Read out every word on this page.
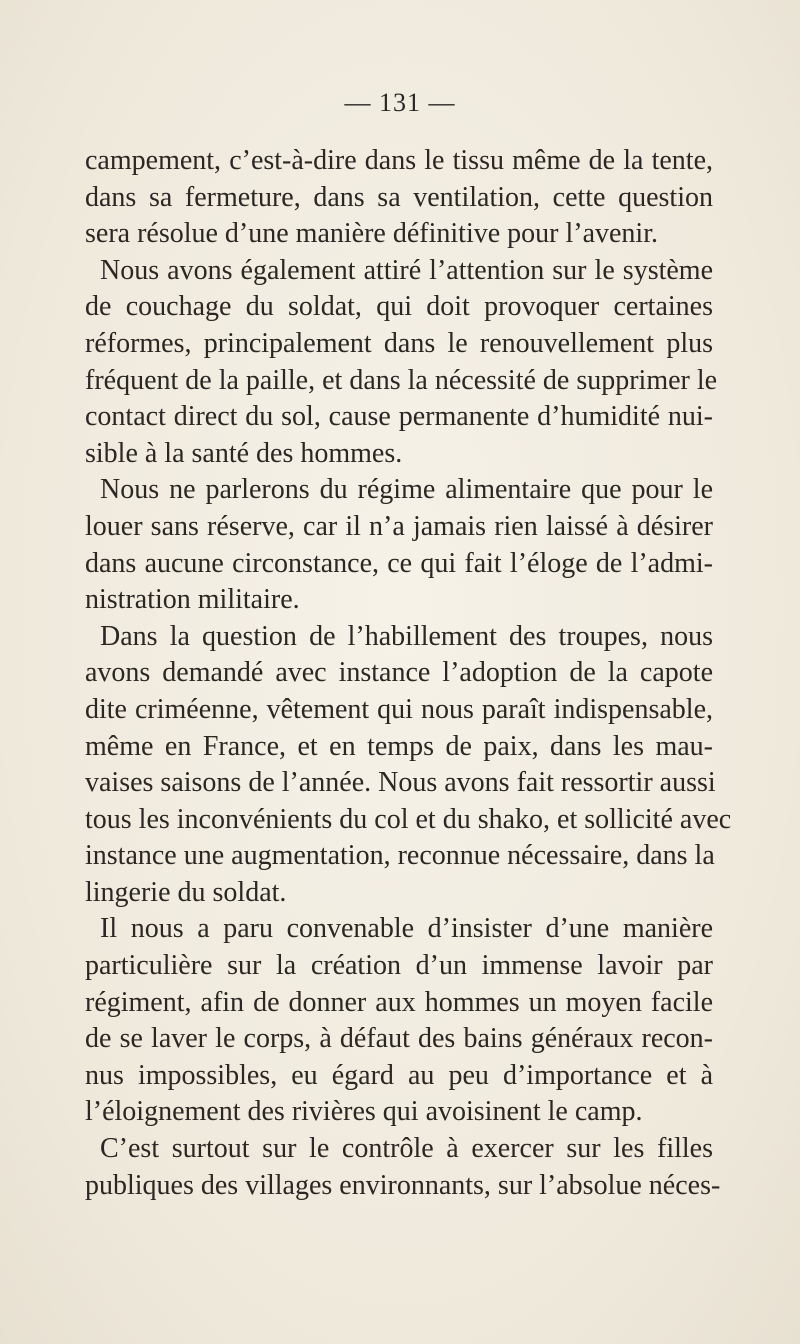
— 131 —
campement, c’est-à-dire dans le tissu même de la tente,
dans sa fermeture, dans sa ventilation, cette question
sera résolue d’une manière définitive pour l’avenir.
Nous avons également attiré l’attention sur le système
de couchage du soldat, qui doit provoquer certaines
réformes, principalement dans le renouvellement plus
fréquent de la paille, et dans la nécessité de supprimer le
contact direct du sol, cause permanente d’humidité nui-
sible à la santé des hommes.
Nous ne parlerons du régime alimentaire que pour le
louer sans réserve, car il n’a jamais rien laissé à désirer
dans aucune circonstance, ce qui fait l’éloge de l’admi-
nistration militaire.
Dans la question de l’habillement des troupes, nous
avons demandé avec instance l’adoption de la capote
dite criméenne, vêtement qui nous paraît indispensable,
même en France, et en temps de paix, dans les mau-
vaises saisons de l’année. Nous avons fait ressortir aussi
tous les inconvénients du col et du shako, et sollicité avec
instance une augmentation, reconnue nécessaire, dans la
lingerie du soldat.
Il nous a paru convenable d’insister d’une manière
particulière sur la création d’un immense lavoir par
régiment, afin de donner aux hommes un moyen facile
de se laver le corps, à défaut des bains généraux recon-
nus impossibles, eu égard au peu d’importance et à
l’éloignement des rivières qui avoisinent le camp.
C’est surtout sur le contrôle à exercer sur les filles
publiques des villages environnants, sur l’absolue néces-
